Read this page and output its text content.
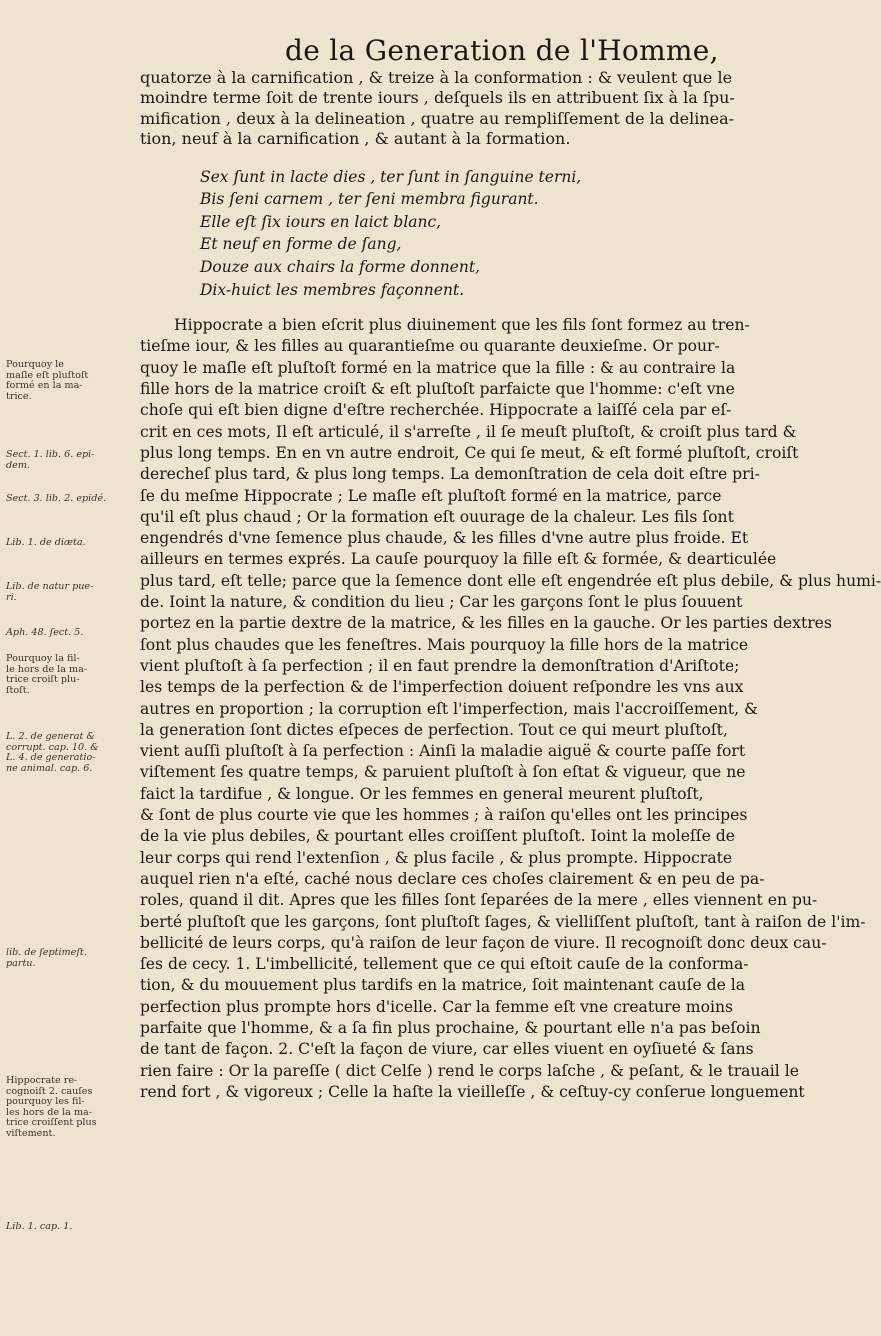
de la Generation de l'Homme,
quatorze à la carnification , & treize à la conformation : & veulent que le
moindre terme ſoit de trente iours , deſquels ils en attribuent ſix à la ſpu-
mification , deux à la delineation , quatre au rempliſſement de la delinea-
tion, neuf à la carnification , & autant à la formation.
Sex ſunt in lacte dies , ter ſunt in ſanguine terni,
Bis ſeni carnem , ter ſeni membra figurant.
Elle eſt ſix iours en laict blanc,
Et neuf en forme de ſang,
Douze aux chairs la forme donnent,
Dix-huict les membres façonnent.
Hippocrate a bien eſcrit plus diuinement que les fils ſont formez au tren-
tieſme iour, & les filles au quarantieſme ou quarante deuxieſme. Or pour-
quoy le maſle eſt pluſtoſt formé en la matrice que la fille : & au contraire la
fille hors de la matrice croiſt & eſt pluſtoſt parfaicte que l'homme: c'eſt vne
choſe qui eſt bien digne d'eſtre recherchée. Hippocrate a laiſſé cela par eſ-
crit en ces mots, Il eſt articulé, il s'arreſte , il ſe meuſt pluſtoſt, & croiſt plus tard &
plus long temps. En en vn autre endroit, Ce qui ſe meut, & eſt formé pluſtoſt, croiſt
derecheſ plus tard, & plus long temps. La demonſtration de cela doit eſtre pri-
ſe du meſme Hippocrate ; Le maſle eſt pluſtoſt formé en la matrice, parce
qu'il eſt plus chaud ; Or la formation eſt ouurage de la chaleur. Les fils ſont
engendrés d'vne ſemence plus chaude, & les filles d'vne autre plus froide. Et
ailleurs en termes exprés. La cauſe pourquoy la fille eſt & formée, & dearticulée
plus tard, eſt telle; parce que la ſemence dont elle eſt engendrée eſt plus debile, & plus humi-
de. Ioint la nature, & condition du lieu ; Car les garçons ſont le plus ſouuent
portez en la partie dextre de la matrice, & les filles en la gauche. Or les parties dextres
ſont plus chaudes que les feneſtres. Mais pourquoy la fille hors de la matrice
vient pluſtoſt à ſa perfection ; il en faut prendre la demonſtration d'Ariſtote;
les temps de la perfection & de l'imperfection doiuent reſpondre les vns aux
autres en proportion ; la corruption eſt l'imperfection, mais l'accroiſſement, &
la generation ſont dictes eſpeces de perfection. Tout ce qui meurt pluſtoſt,
vient auſſi pluſtoſt à ſa perfection : Ainſi la maladie aiguë & courte paſſe fort
viſtement ſes quatre temps, & paruient pluſtoſt à ſon eſtat & vigueur, que ne
faict la tardifue , & longue. Or les femmes en general meurent pluſtoſt,
& ſont de plus courte vie que les hommes ; à raiſon qu'elles ont les principes
de la vie plus debiles, & pourtant elles croiſſent pluſtoſt. Ioint la moleſſe de
leur corps qui rend l'extenſion , & plus facile , & plus prompte. Hippocrate
auquel rien n'a eſté, caché nous declare ces choſes clairement & en peu de pa-
roles, quand il dit. Apres que les filles ſont ſeparées de la mere , elles viennent en pu-
berté pluſtoſt que les garçons, ſont pluſtoſt ſages, & vielliſſent pluſtoſt, tant à raiſon de l'im-
bellicité de leurs corps, qu'à raiſon de leur façon de viure. Il recognoiſt donc deux cau-
ſes de cecy. 1. L'imbellicité, tellement que ce qui eſtoit cauſe de la conforma-
tion, & du mouuement plus tardifs en la matrice, ſoit maintenant cauſe de la
perfection plus prompte hors d'icelle. Car la femme eſt vne creature moins
parfaite que l'homme, & a ſa fin plus prochaine, & pourtant elle n'a pas beſoin
de tant de façon. 2. C'eſt la façon de viure, car elles viuent en oyſiueté & ſans
rien faire : Or la pareſſe ( dict Celſe ) rend le corps laſche , & peſant, & le trauail le
rend fort , & vigoreux ; Celle la haſte la vieilleſſe , & ceſtuy-cy conſerue longuement
Pourquoy le
maſle eſt pluſtoſt
formé en la ma-
trice.
Sect. 1. lib. 6. epi-
dem.
Sect. 3. lib. 2. epidé.
Lib. 1. de diæta.
Lib. de natur pue-
ri.
Aph. 48. ſect. 5.
Pourquoy la fil-
le hors de la ma-
trice croiſt plu-
ſtoſt.
L. 2. de generat &
corrupt. cap. 10. &
L. 4. de generatio-
ne animal. cap. 6.
lib. de ſeptimeſt.
partu.
Hippocrate re-
cognoiſt 2. cauſes
pourquoy les fil-
les hors de la ma-
trice croiſſent plus
viſtement.
Lib. 1. cap. 1.
